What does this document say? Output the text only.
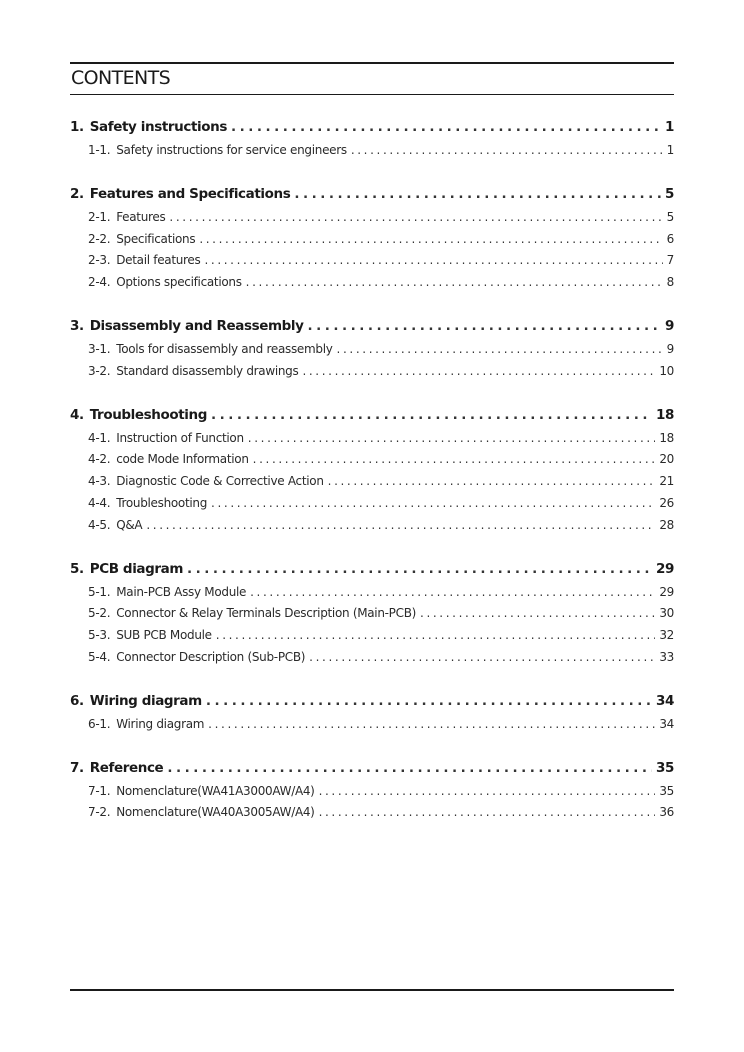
CONTENTS
1. Safety instructions . . .	1
1-1. Safety instructions for service engineers . . .	1
2. Features and Specifications . . .	5
2-1. Features . . .	5
2-2. Specifications . . .	6
2-3. Detail features . . .	7
2-4. Options specifications . . .	8
3. Disassembly and Reassembly . . .	9
3-1. Tools for disassembly and reassembly . . .	9
3-2. Standard disassembly drawings . . .	10
4. Troubleshooting . . .	18
4-1. Instruction of Function . . .	18
4-2. code Mode Information . . .	20
4-3. Diagnostic Code & Corrective Action . . .	21
4-4. Troubleshooting . . .	26
4-5. Q&A . . .	28
5. PCB diagram . . .	29
5-1. Main-PCB Assy Module . . .	29
5-2. Connector & Relay Terminals Description (Main-PCB) . . .	30
5-3. SUB PCB Module . . .	32
5-4. Connector Description (Sub-PCB) . . .	33
6. Wiring diagram . . .	34
6-1. Wiring diagram . . .	34
7. Reference . . .	35
7-1. Nomenclature(WA41A3000AW/A4) . . .	35
7-2. Nomenclature(WA40A3005AW/A4) . . .	36
